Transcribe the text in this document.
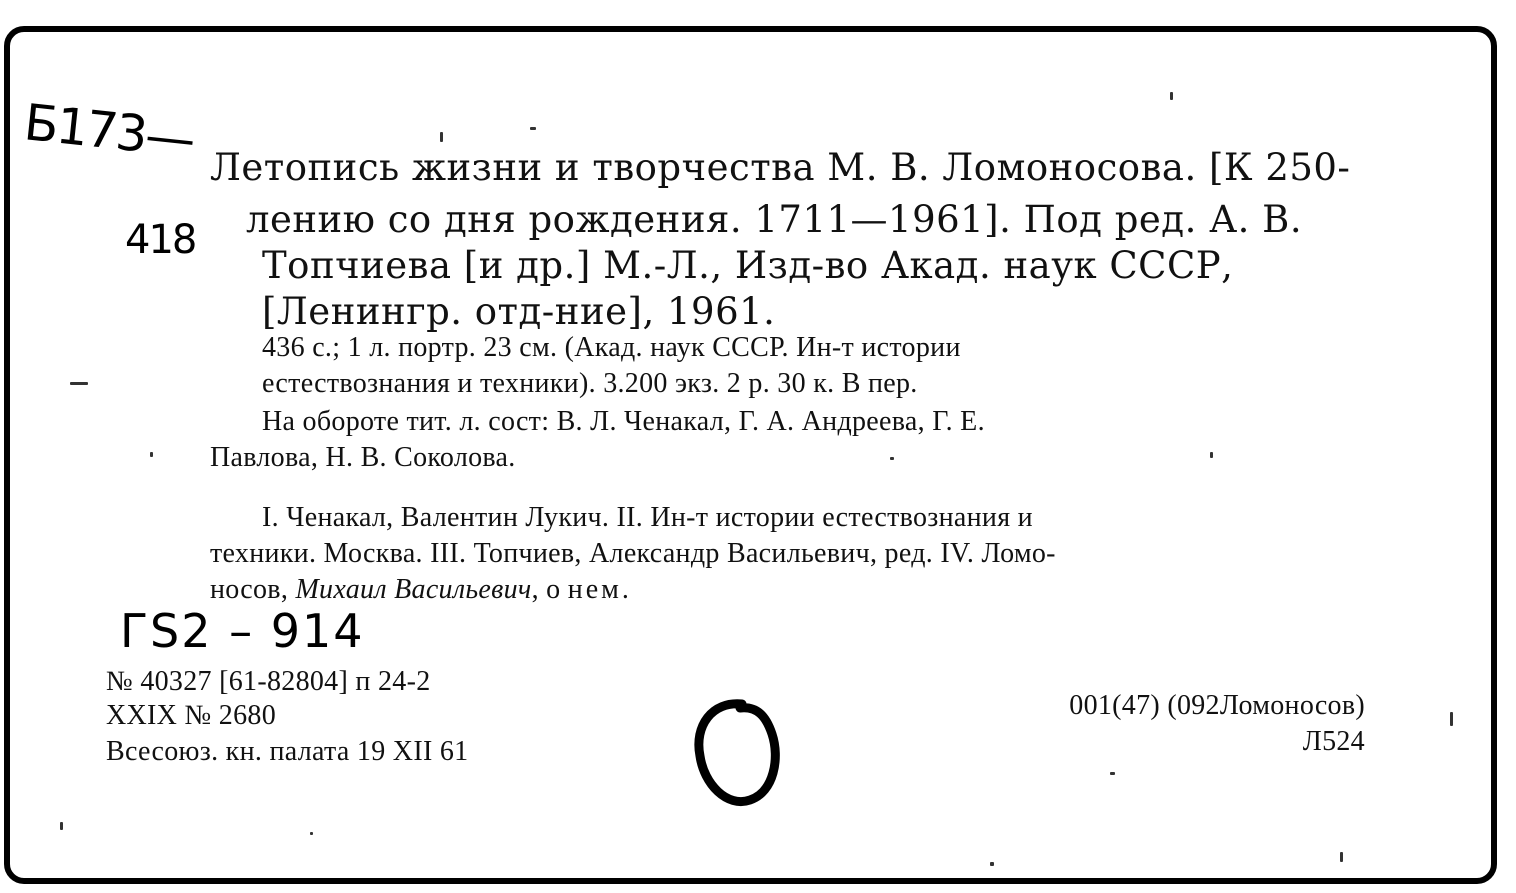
Б173—
418

Летопись жизни и творчества М. В. Ломоносова. [К 250-

лению со дня рождения. 1711—1961]. Под ред. А. В.

Топчиева [и др.] М.-Л., Изд-во Акад. наук СССР,

[Ленингр. отд-ние], 1961.

436 с.; 1 л. портр. 23 см. (Акад. наук СССР. Ин-т истории

естествознания и техники). 3.200 экз. 2 р. 30 к. В пер.

На обороте тит. л. сост: В. Л. Ченакал, Г. А. Андреева, Г. Е.

Павлова, Н. В. Соколова.

I. Ченакал, Валентин Лукич. II. Ин-т истории естествознания и

техники. Москва. III. Топчиев, Александр Васильевич, ред. IV. Ломо-

носов, Михаил Васильевич, о нем.

ГS2 – 914

№ 40327 [61-82804] п 24-2

XXIX № 2680

Всесоюз. кн. палата 19 XII 61

001(47) (092Ломоносов)

Л524
